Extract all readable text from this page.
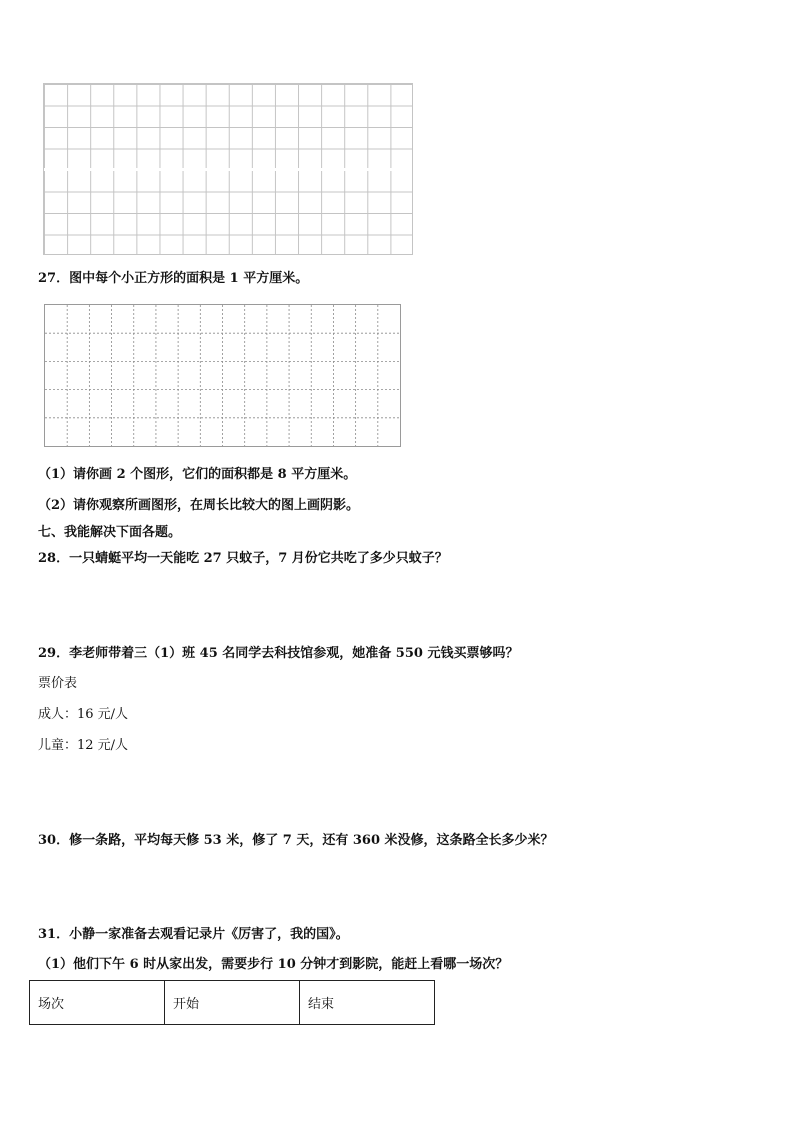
27．图中每个小正方形的面积是 1 平方厘米。
（1）请你画 2 个图形，它们的面积都是 8 平方厘米。
（2）请你观察所画图形，在周长比较大的图上画阴影。
七、我能解决下面各题。
28．一只蜻蜓平均一天能吃 27 只蚊子，7 月份它共吃了多少只蚊子？
29．李老师带着三（1）班 45 名同学去科技馆参观，她准备 550 元钱买票够吗？
票价表
成人：16 元/人
儿童：12 元/人
30．修一条路，平均每天修 53 米，修了 7 天，还有 360 米没修，这条路全长多少米？
31．小静一家准备去观看记录片《厉害了，我的国》。
（1）他们下午 6 时从家出发，需要步行 10 分钟才到影院，能赶上看哪一场次？
场次	开始	结束
